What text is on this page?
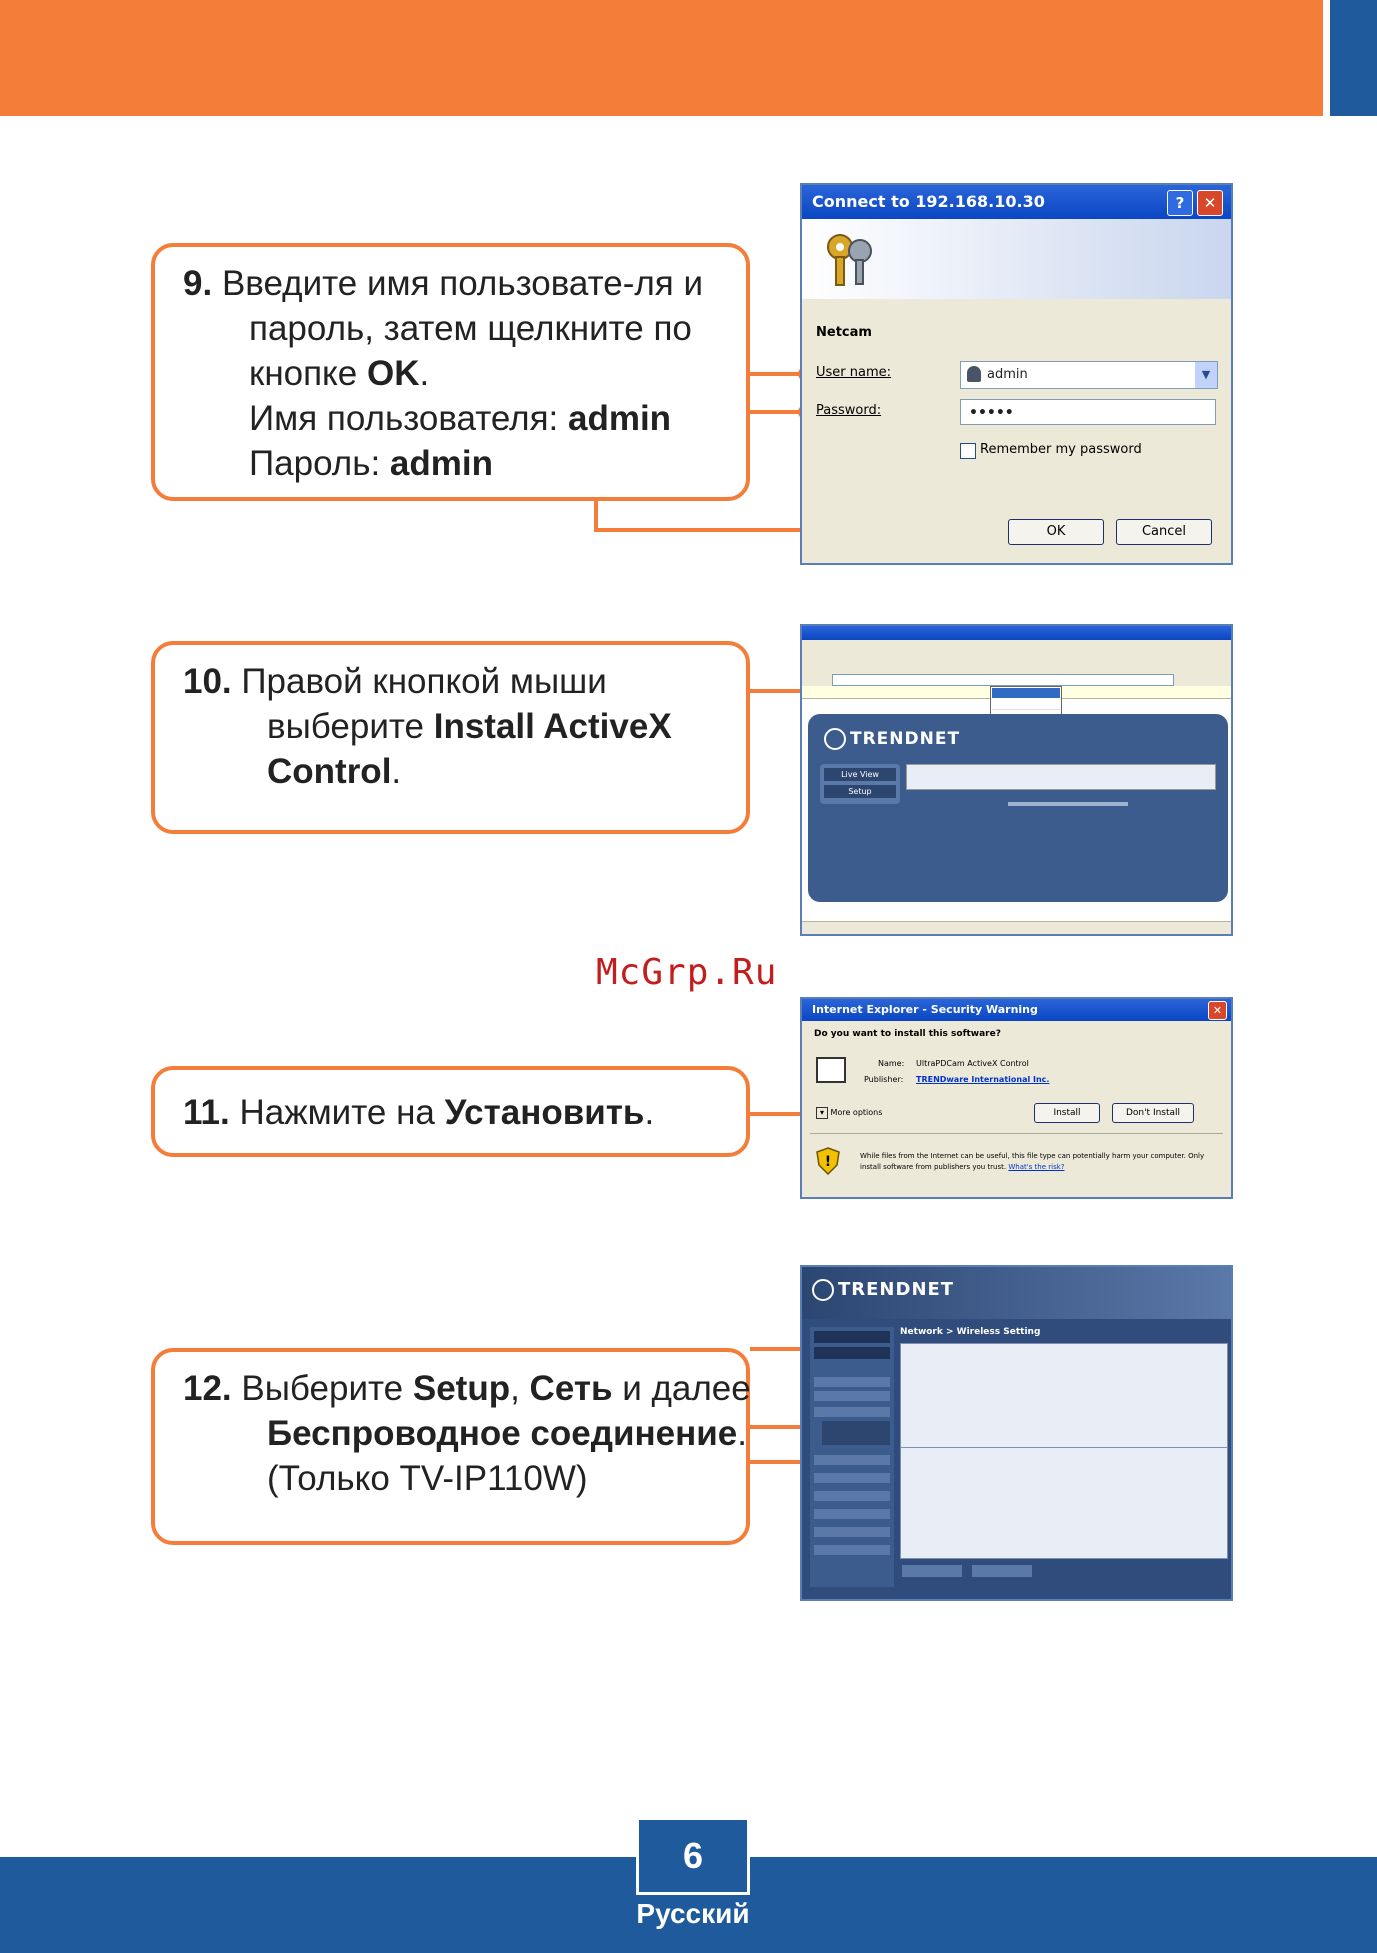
9. Введите имя пользовате-ля и
пароль, затем щелкните по
кнопке OK.
Имя пользователя: admin
Пароль: admin
Connect to 192.168.10.30	?	✕
Netcam
User name:	admin	▼
Password:	•••••
Remember my password
OK	Cancel
10. Правой кнопкой мыши
выберите Install ActiveX
Control.
TRENDNET
Live View
Setup
McGrp.Ru
11. Нажмите на Установить.
Internet Explorer - Security Warning	✕
Do you want to install this software?
Name: UltraPDCam ActiveX Control
Publisher: TRENDware International Inc.
▾ More options	Install	Don't Install
!	While files from the Internet can be useful, this file type can potentially harm your computer. Only install software from publishers you trust. What's the risk?
12. Выберите Setup, Сеть и далее
Беспроводное соединение.
(Только TV-IP110W)
TRENDNET
Network > Wireless Setting
6
Русский
